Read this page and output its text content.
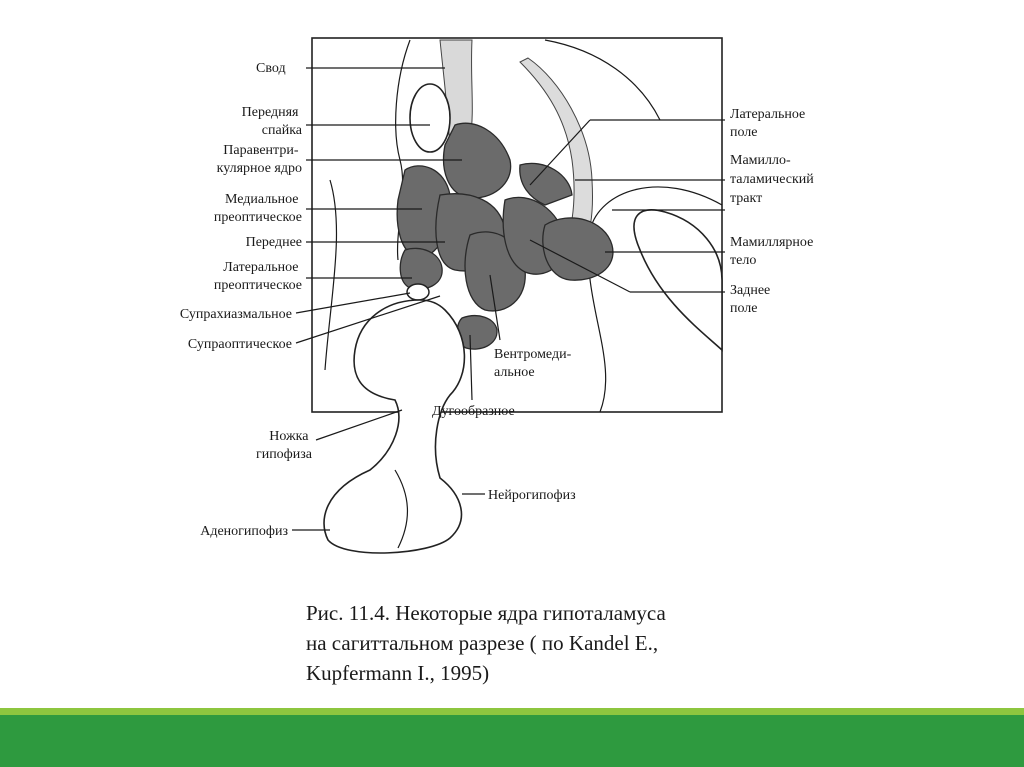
Свод
Передняя спайка
Паравентри- кулярное ядро
Медиальное преоптическое
Переднее
Латеральное преоптическое
Супрахиазмальное
Супраоптическое
Ножка гипофиза
Аденогипофиз
Латеральное поле
Мамилло- таламический тракт
Мамиллярное тело
Заднее поле
Вентромеди- альное
Дугообразное
Нейрогипофиз
Рис. 11.4. Некоторые ядра гипоталамуса
на сагиттальном разрезе ( по Kandel E.,
Kupfermann I., 1995)
